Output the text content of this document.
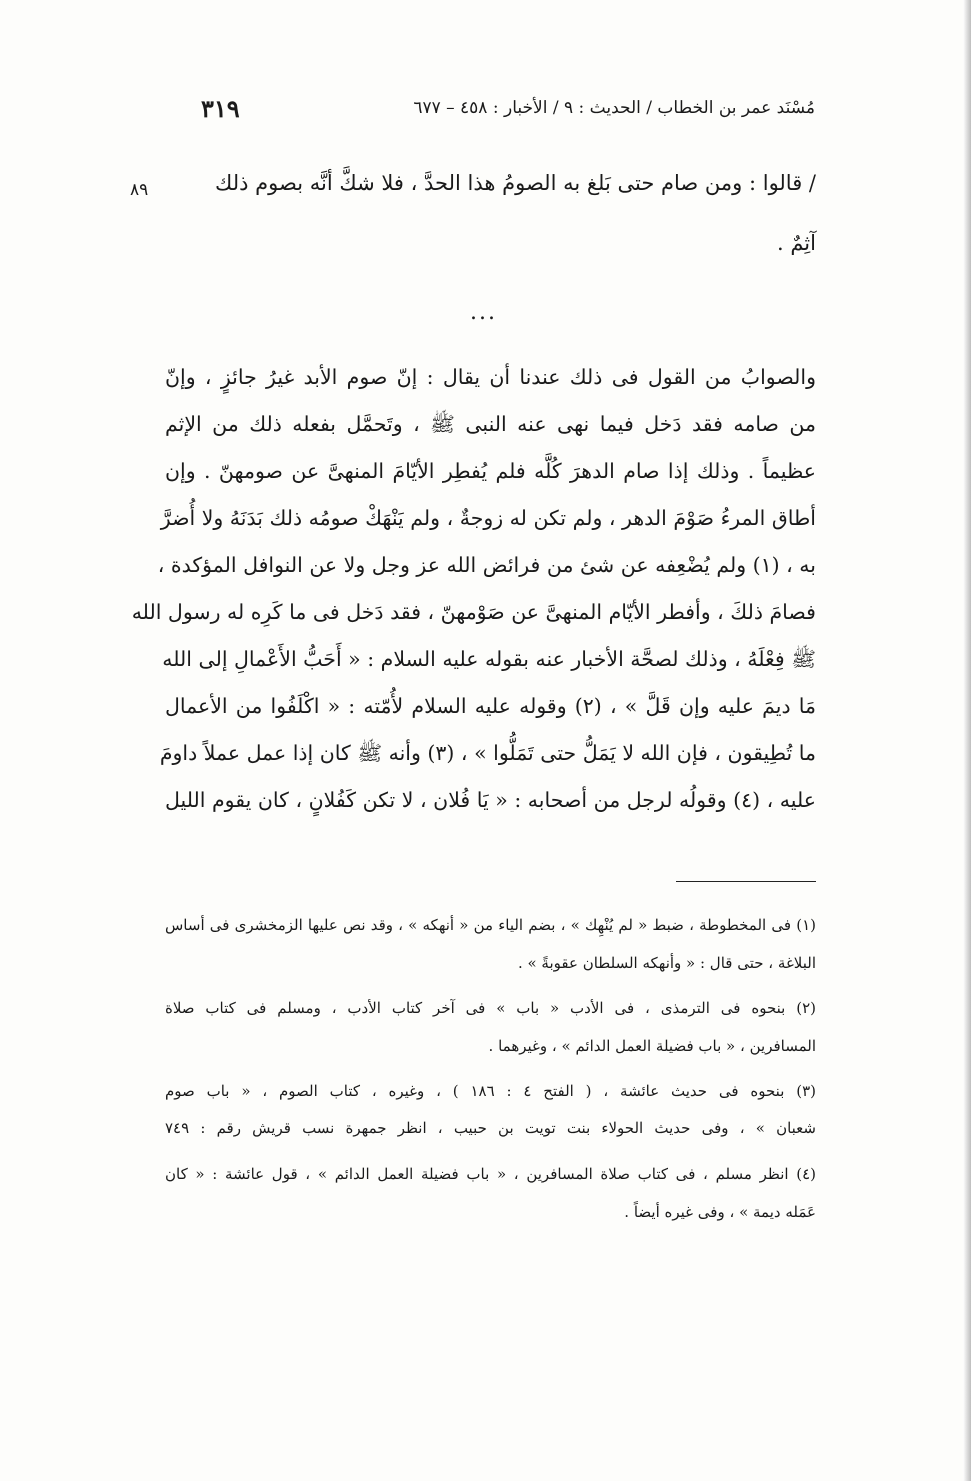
٣١٩	مُسْنَد عمر بن الخطاب / الحديث : ٩ / الأخبار : ٤٥٨ – ٦٧٧
/ قالوا : ومن صام حتى بَلغ به الصومُ هذا الحدَّ ، فلا شكَّ أنَّه بصوم ذلك
٨٩
آثِمٌ .
...
والصوابُ من القول فى ذلك عندنا أن يقال : إنّ صوم الأبد غيرُ جائزٍ ، وإنّ
من صامه فقد دَخل فيما نهى عنه النبى ﷺ ، وتَحمَّل بفعله ذلك من الإثم
عظيماً . وذلك إذا صام الدهرَ كُلَّه فلم يُفطِر الأيّامَ المنهىَّ عن صومهنّ . وإن
أطاق المرءُ صَوْمَ الدهر ، ولم تكن له زوجةٌ ، ولم يَنْهَكْ صومُه ذلك بَدَنَهُ ولا أُضرَّ
به ، (١) ولم يُضْعِفه عن شئ من فرائض الله عز وجل ولا عن النوافل المؤكدة ،
فصامَ ذلكَ ، وأفطر الأيّام المنهىَّ عن صَوْمهنّ ، فقد دَخل فى ما كَرِه له رسول الله
ﷺ فِعْلَهُ ، وذلك لصحَّة الأخبار عنه بقوله عليه السلام : « أَحَبُّ الأَعْمالِ إلى الله
مَا ديمَ عليه وإن قَلَّ » ، (٢) وقوله عليه السلام لأُمّته : « اكْلَفُوا من الأعمال
ما تُطِيقون ، فإن الله لا يَمَلُّ حتى تَمَلُّوا » ، (٣) وأنه ﷺ كان إذا عمل عملاً داومَ
عليه ، (٤) وقولُه لرجل من أصحابه : « يَا فُلان ، لا تكن كَفُلانٍ ، كان يقوم الليل
(١) فى المخطوطة ، ضبط « لم يُنْهِك » ، بضم الياء من « أنهكه » ، وقد نص عليها الزمخشرى فى أساس
البلاغة ، حتى قال : « وأنهكه السلطان عقوبةً » .
(٢) بنحوه فى الترمذى ، فى الأدب « باب » فى آخر كتاب الأدب ، ومسلم فى كتاب صلاة
المسافرين ، « باب فضيلة العمل الدائم » ، وغيرهما .
(٣) بنحوه فى حديث عائشة ، ( الفتح ٤ : ١٨٦ ) ، وغيره ، كتاب الصوم ، « باب صوم
شعبان » ، وفى حديث الحولاء بنت تويت بن حبيب ، انظر جمهرة نسب قريش رقم : ٧٤٩
(٤) انظر مسلم ، فى كتاب صلاة المسافرين ، « باب فضيلة العمل الدائم » ، قول عائشة : « كان
عَمَله ديمة » ، وفى غيره أيضاً .
